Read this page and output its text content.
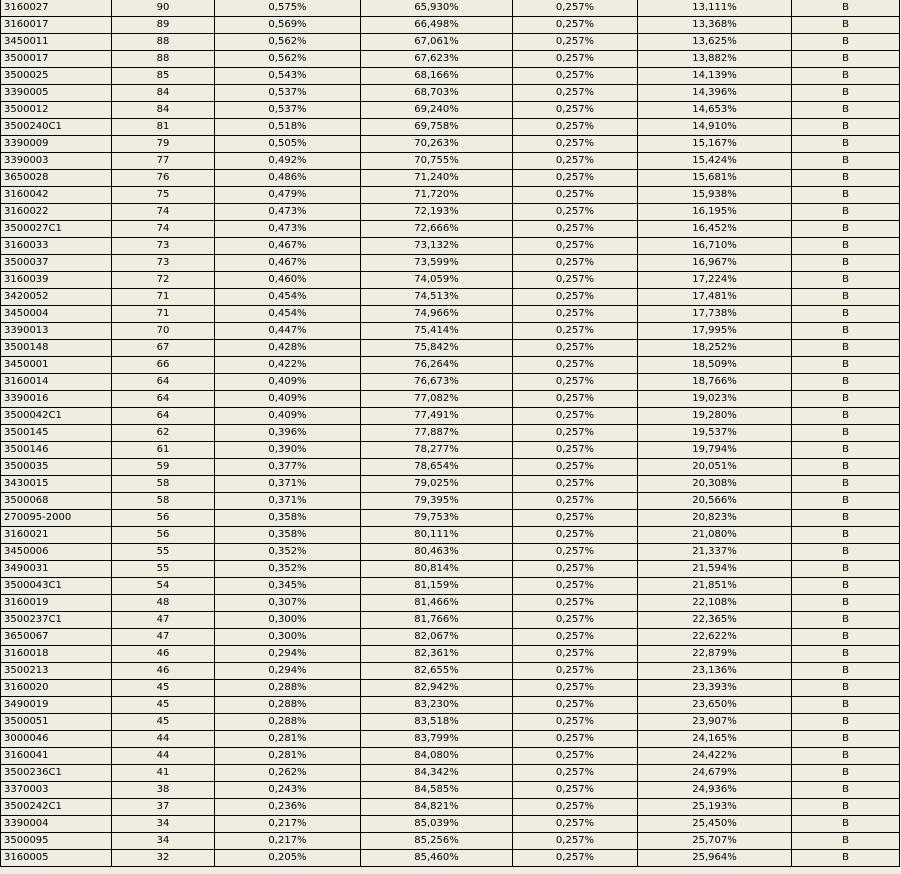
3160027	90	0,575%	65,930%	0,257%	13,111%	B
3160017	89	0,569%	66,498%	0,257%	13,368%	B
3450011	88	0,562%	67,061%	0,257%	13,625%	B
3500017	88	0,562%	67,623%	0,257%	13,882%	B
3500025	85	0,543%	68,166%	0,257%	14,139%	B
3390005	84	0,537%	68,703%	0,257%	14,396%	B
3500012	84	0,537%	69,240%	0,257%	14,653%	B
3500240C1	81	0,518%	69,758%	0,257%	14,910%	B
3390009	79	0,505%	70,263%	0,257%	15,167%	B
3390003	77	0,492%	70,755%	0,257%	15,424%	B
3650028	76	0,486%	71,240%	0,257%	15,681%	B
3160042	75	0,479%	71,720%	0,257%	15,938%	B
3160022	74	0,473%	72,193%	0,257%	16,195%	B
3500027C1	74	0,473%	72,666%	0,257%	16,452%	B
3160033	73	0,467%	73,132%	0,257%	16,710%	B
3500037	73	0,467%	73,599%	0,257%	16,967%	B
3160039	72	0,460%	74,059%	0,257%	17,224%	B
3420052	71	0,454%	74,513%	0,257%	17,481%	B
3450004	71	0,454%	74,966%	0,257%	17,738%	B
3390013	70	0,447%	75,414%	0,257%	17,995%	B
3500148	67	0,428%	75,842%	0,257%	18,252%	B
3450001	66	0,422%	76,264%	0,257%	18,509%	B
3160014	64	0,409%	76,673%	0,257%	18,766%	B
3390016	64	0,409%	77,082%	0,257%	19,023%	B
3500042C1	64	0,409%	77,491%	0,257%	19,280%	B
3500145	62	0,396%	77,887%	0,257%	19,537%	B
3500146	61	0,390%	78,277%	0,257%	19,794%	B
3500035	59	0,377%	78,654%	0,257%	20,051%	B
3430015	58	0,371%	79,025%	0,257%	20,308%	B
3500068	58	0,371%	79,395%	0,257%	20,566%	B
270095-2000	56	0,358%	79,753%	0,257%	20,823%	B
3160021	56	0,358%	80,111%	0,257%	21,080%	B
3450006	55	0,352%	80,463%	0,257%	21,337%	B
3490031	55	0,352%	80,814%	0,257%	21,594%	B
3500043C1	54	0,345%	81,159%	0,257%	21,851%	B
3160019	48	0,307%	81,466%	0,257%	22,108%	B
3500237C1	47	0,300%	81,766%	0,257%	22,365%	B
3650067	47	0,300%	82,067%	0,257%	22,622%	B
3160018	46	0,294%	82,361%	0,257%	22,879%	B
3500213	46	0,294%	82,655%	0,257%	23,136%	B
3160020	45	0,288%	82,942%	0,257%	23,393%	B
3490019	45	0,288%	83,230%	0,257%	23,650%	B
3500051	45	0,288%	83,518%	0,257%	23,907%	B
3000046	44	0,281%	83,799%	0,257%	24,165%	B
3160041	44	0,281%	84,080%	0,257%	24,422%	B
3500236C1	41	0,262%	84,342%	0,257%	24,679%	B
3370003	38	0,243%	84,585%	0,257%	24,936%	B
3500242C1	37	0,236%	84,821%	0,257%	25,193%	B
3390004	34	0,217%	85,039%	0,257%	25,450%	B
3500095	34	0,217%	85,256%	0,257%	25,707%	B
3160005	32	0,205%	85,460%	0,257%	25,964%	B
